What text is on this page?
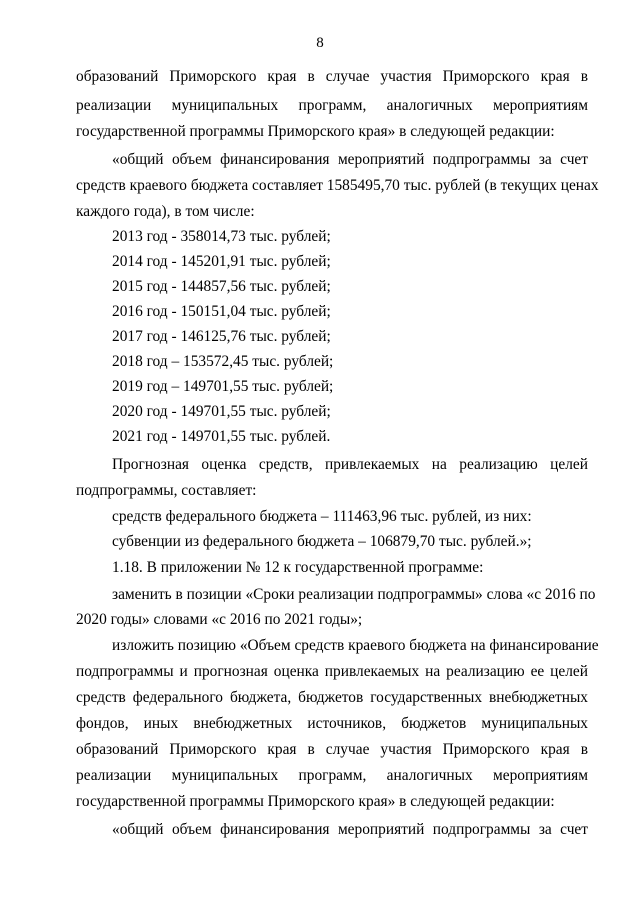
8
образований Приморского края в случае участия Приморского края в
реализации муниципальных программ, аналогичных мероприятиям
государственной программы Приморского края» в следующей редакции:
«общий объем финансирования мероприятий подпрограммы за счет
средств краевого бюджета составляет 1585495,70 тыс. рублей (в текущих ценах
каждого года), в том числе:
2013 год - 358014,73 тыс. рублей;
2014 год - 145201,91 тыс. рублей;
2015 год - 144857,56 тыс. рублей;
2016 год - 150151,04 тыс. рублей;
2017 год - 146125,76 тыс. рублей;
2018 год – 153572,45 тыс. рублей;
2019 год – 149701,55 тыс. рублей;
2020 год - 149701,55 тыс. рублей;
2021 год - 149701,55 тыс. рублей.
Прогнозная оценка средств, привлекаемых на реализацию целей
подпрограммы, составляет:
средств федерального бюджета – 111463,96 тыс. рублей, из них:
субвенции из федерального бюджета – 106879,70 тыс. рублей.»;
1.18. В приложении № 12 к государственной программе:
заменить в позиции «Сроки реализации подпрограммы» слова «с 2016 по
2020 годы» словами «с 2016 по 2021 годы»;
изложить позицию «Объем средств краевого бюджета на финансирование
подпрограммы и прогнозная оценка привлекаемых на реализацию ее целей
средств федерального бюджета, бюджетов государственных внебюджетных
фондов, иных внебюджетных источников, бюджетов муниципальных
образований Приморского края в случае участия Приморского края в
реализации муниципальных программ, аналогичных мероприятиям
государственной программы Приморского края» в следующей редакции:
«общий объем финансирования мероприятий подпрограммы за счет
